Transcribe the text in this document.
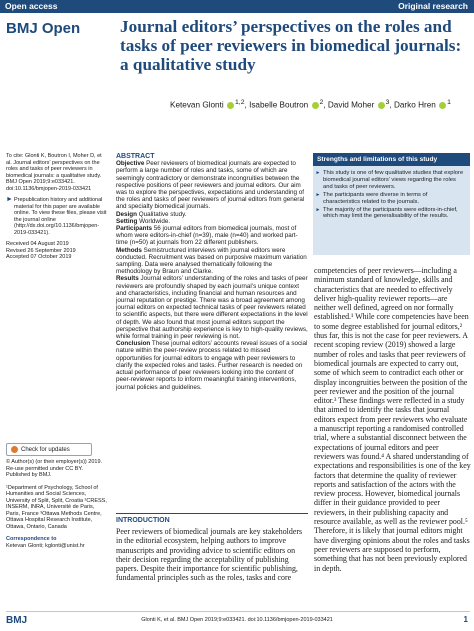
Open access	Original research
BMJ Open Journal editors’ perspectives on the roles and tasks of peer reviewers in biomedical journals: a qualitative study
Ketevan Glonti $^{1,2}$, Isabelle Boutron $^2$, David Moher $^3$, Darko Hren $^1$
To cite: Glonti K, Boutron I, Moher D, et al. Journal editors’ perspectives on the roles and tasks of peer reviewers in biomedical journals: a qualitative study. BMJ Open 2019;9:e033421. doi:10.1136/bmjopen-2019-033421
► Prepublication history and additional material for this paper are available online. To view these files, please visit the journal online (http://dx.doi.org/10.1136/bmjopen-2019-033421).
Received 04 August 2019
Revised 26 September 2019
Accepted 07 October 2019
Check for updates
© Author(s) (or their employer(s)) 2019. Re-use permitted under CC BY. Published by BMJ.
¹Department of Psychology, School of Humanities and Social Sciences, University of Split, Split, Croatia ²CRESS, INSERM, INRA, Université de Paris, Paris, France ³Ottawa Methods Centre, Ottawa Hospital Research Institute, Ottawa, Ontario, Canada
Correspondence to
Ketevan Glonti; kglonti@unist.hr
ABSTRACT

Objective Peer reviewers of biomedical journals are expected to perform a large number of roles and tasks, some of which are seemingly contradictory or demonstrate incongruities between the respective positions of peer reviewers and journal editors. Our aim was to explore the perspectives, expectations and understanding of the roles and tasks of peer reviewers of journal editors from general and specialty biomedical journals.

Design Qualitative study.

Setting Worldwide.

Participants 56 journal editors from biomedical journals, most of whom were editors-in-chief (n=39), male (n=40) and worked part-time (n=50) at journals from 22 different publishers.

Methods Semistructured interviews with journal editors were conducted. Recruitment was based on purposive maximum variation sampling. Data were analysed thematically following the methodology by Braun and Clarke.

Results Journal editors’ understanding of the roles and tasks of peer reviewers are profoundly shaped by each journal’s unique context and characteristics, including financial and human resources and journal reputation or prestige. There was a broad agreement among journal editors on expected technical tasks of peer reviewers related to scientific aspects, but there were different expectations in the level of depth. We also found that most journal editors support the perspective that authorship experience is key to high-quality reviews, while formal training in peer reviewing is not.

Conclusion These journal editors’ accounts reveal issues of a social nature within the peer-review process related to missed opportunities for journal editors to engage with peer reviewers to clarify the expected roles and tasks. Further research is needed on actual performance of peer reviewers looking into the content of peer-reviewer reports to inform meaningful training interventions, journal policies and guidelines.

INTRODUCTION

Peer reviewers of biomedical journals are key stakeholders in the editorial ecosystem, helping authors to improve manuscripts and providing advice to scientific editors on their decision regarding the acceptability of publishing papers. Despite their importance for scientific publishing, fundamental principles such as the roles, tasks and core

Strengths and limitations of this study
► This study is one of few qualitative studies that explore biomedical journal editors’ views regarding the roles and tasks of peer reviewers.
► The participants were diverse in terms of characteristics related to the journals.
► The majority of the participants were editors-in-chief, which may limit the generalisability of the results.

competencies of peer reviewers—including a minimum standard of knowledge, skills and characteristics that are needed to effectively deliver high-quality reviewer reports—are neither well defined, agreed on nor formally established.¹ While core competencies have been to some degree established for journal editors,² thus far, this is not the case for peer reviewers. A recent scoping review (2019) showed a large number of roles and tasks that peer reviewers of biomedical journals are expected to carry out, some of which seem to contradict each other or display incongruities between the position of the peer reviewer and the position of the journal editor.³ These findings were reflected in a study that aimed to identify the tasks that journal editors expect from peer reviewers who evaluate a manuscript reporting a randomised controlled trial, where a substantial disconnect between the expectations of journal editors and peer reviewers was found.⁴ A shared understanding of expectations and responsibilities is one of the key factors that determine the quality of reviewer reports and satisfaction of the actors with the review process. However, biomedical journals differ in their guidance provided to peer reviewers, in their publishing capacity and resource available, as well as the reviewer pool.⁵ Therefore, it is likely that journal editors might have diverging opinions about the roles and tasks peer reviewers are supposed to perform, something that has not been previously explored in depth.

BMJ	Glonti K, et al. BMJ Open 2019;9:e033421. doi:10.1136/bmjopen-2019-033421	1
